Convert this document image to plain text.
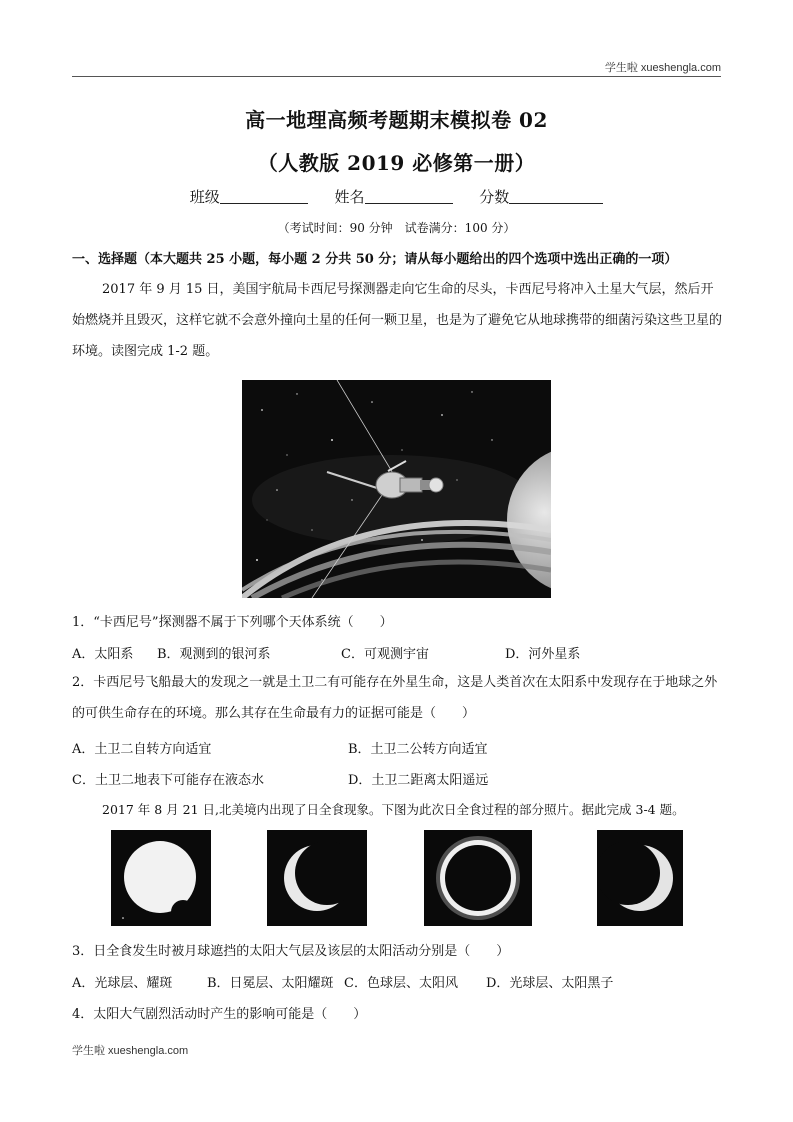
学生啦 xueshengla.com
高一地理高频考题期末模拟卷 02
（人教版 2019 必修第一册）
班级	姓名	分数
（考试时间：90 分钟　试卷满分：100 分）
一、选择题（本大题共 25 小题，每小题 2 分共 50 分；请从每小题给出的四个选项中选出正确的一项）
2017 年 9 月 15 日，美国宇航局卡西尼号探测器走向它生命的尽头，卡西尼号将冲入土星大气层，然后开始燃烧并且毁灭，这样它就不会意外撞向土星的任何一颗卫星，也是为了避免它从地球携带的细菌污染这些卫星的环境。读图完成 1-2 题。
1．“卡西尼号”探测器不属于下列哪个天体系统（　　）
A．太阳系	B．观测到的银河系	C．可观测宇宙	D．河外星系
2．卡西尼号飞船最大的发现之一就是土卫二有可能存在外星生命，这是人类首次在太阳系中发现存在于地球之外的可供生命存在的环境。那么其存在生命最有力的证据可能是（　　）
A．土卫二自转方向适宜	B．土卫二公转方向适宜
C．土卫二地表下可能存在液态水	D．土卫二距离太阳遥远
2017 年 8 月 21 日,北美境内出现了日全食现象。下图为此次日全食过程的部分照片。据此完成 3-4 题。
3．日全食发生时被月球遮挡的太阳大气层及该层的太阳活动分别是（　　）
A．光球层、耀斑	B．日冕层、太阳耀斑 C．色球层、太阳风	D．光球层、太阳黑子
4．太阳大气剧烈活动时产生的影响可能是（　　）
学生啦 xueshengla.com
